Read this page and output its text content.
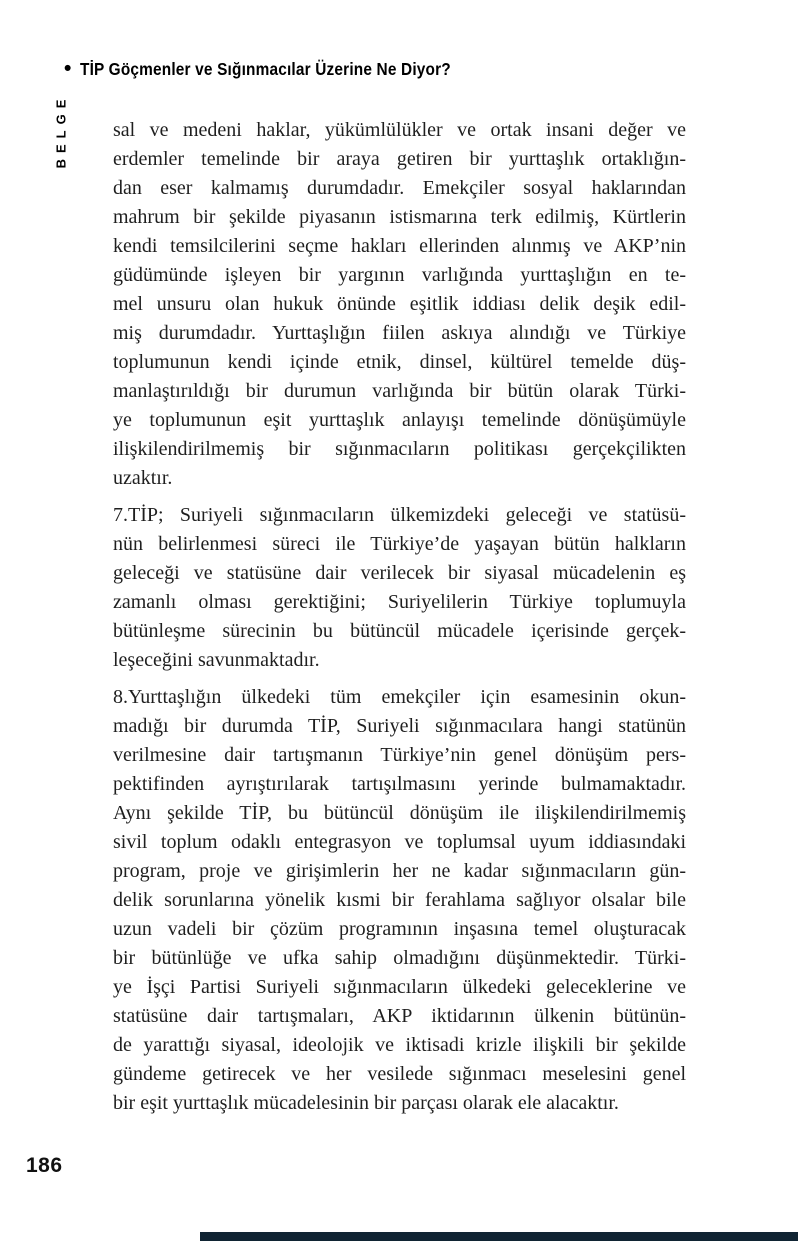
• TİP Göçmenler ve Sığınmacılar Üzerine Ne Diyor?
BELGE sal ve medeni haklar, yükümlülükler ve ortak insani değer ve
erdemler temelinde bir araya getiren bir yurttaşlık ortaklığın-
dan eser kalmamış durumdadır. Emekçiler sosyal haklarından
mahrum bir şekilde piyasanın istismarına terk edilmiş, Kürtlerin
kendi temsilcilerini seçme hakları ellerinden alınmış ve AKP’nin
güdümünde işleyen bir yargının varlığında yurttaşlığın en te-
mel unsuru olan hukuk önünde eşitlik iddiası delik deşik edil-
miş durumdadır. Yurttaşlığın fiilen askıya alındığı ve Türkiye
toplumunun kendi içinde etnik, dinsel, kültürel temelde düş-
manlaştırıldığı bir durumun varlığında bir bütün olarak Türki-
ye toplumunun eşit yurttaşlık anlayışı temelinde dönüşümüyle
ilişkilendirilmemiş bir sığınmacıların politikası gerçekçilikten
uzaktır.
7.TİP; Suriyeli sığınmacıların ülkemizdeki geleceği ve statüsü-
nün belirlenmesi süreci ile Türkiye’de yaşayan bütün halkların
geleceği ve statüsüne dair verilecek bir siyasal mücadelenin eş
zamanlı olması gerektiğini; Suriyelilerin Türkiye toplumuyla
bütünleşme sürecinin bu bütüncül mücadele içerisinde gerçek-
leşeceğini savunmaktadır.
8.Yurttaşlığın ülkedeki tüm emekçiler için esamesinin okun-
madığı bir durumda TİP, Suriyeli sığınmacılara hangi statünün
verilmesine dair tartışmanın Türkiye’nin genel dönüşüm pers-
pektifinden ayrıştırılarak tartışılmasını yerinde bulmamaktadır.
Aynı şekilde TİP, bu bütüncül dönüşüm ile ilişkilendirilmemiş
sivil toplum odaklı entegrasyon ve toplumsal uyum iddiasındaki
program, proje ve girişimlerin her ne kadar sığınmacıların gün-
delik sorunlarına yönelik kısmi bir ferahlama sağlıyor olsalar bile
uzun vadeli bir çözüm programının inşasına temel oluşturacak
bir bütünlüğe ve ufka sahip olmadığını düşünmektedir. Türki-
ye İşçi Partisi Suriyeli sığınmacıların ülkedeki geleceklerine ve
statüsüne dair tartışmaları, AKP iktidarının ülkenin bütünün-
de yarattığı siyasal, ideolojik ve iktisadi krizle ilişkili bir şekilde
gündeme getirecek ve her vesilede sığınmacı meselesini genel
bir eşit yurttaşlık mücadelesinin bir parçası olarak ele alacaktır.
186
